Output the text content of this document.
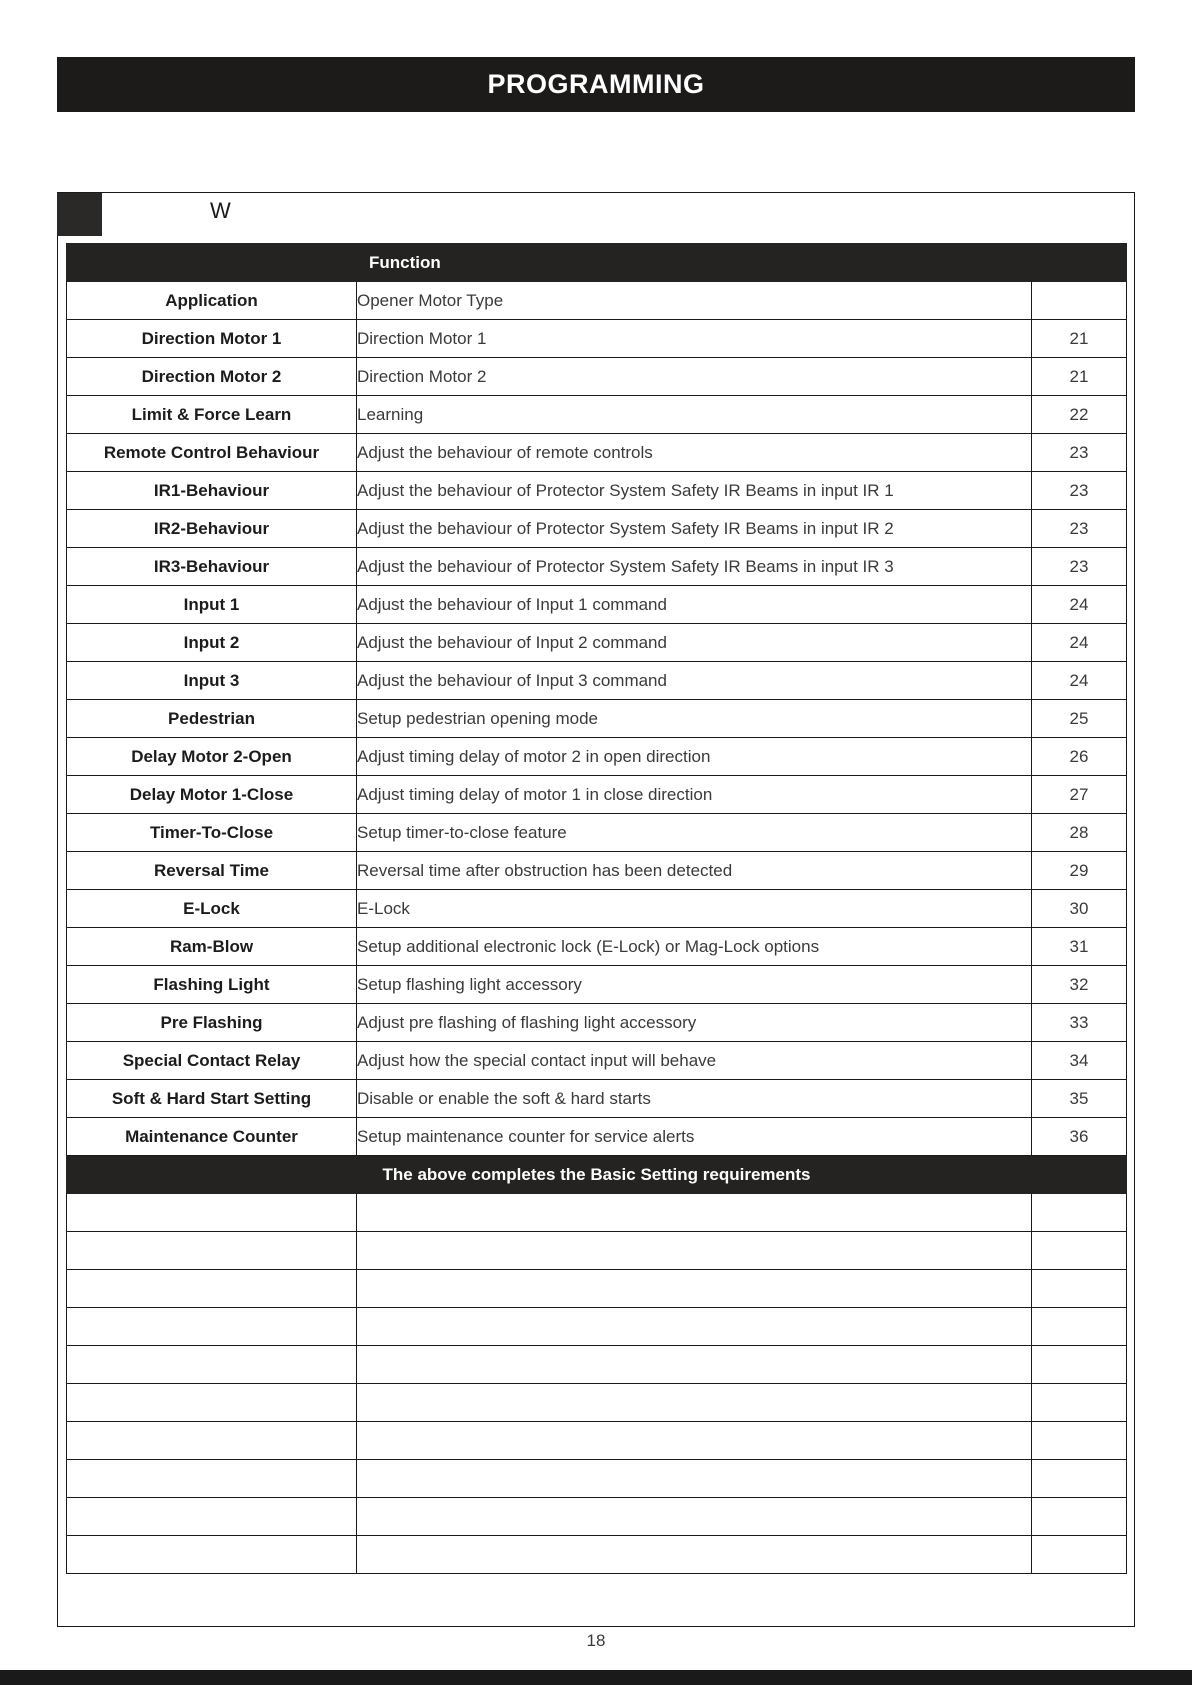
PROGRAMMING
W
	Function	
Application	Opener Motor Type	
Direction Motor 1	Direction Motor 1	21
Direction Motor 2	Direction Motor 2	21
Limit & Force Learn	Learning	22
Remote Control Behaviour	Adjust the behaviour of remote controls	23
IR1-Behaviour	Adjust the behaviour of Protector System Safety IR Beams in input IR 1	23
IR2-Behaviour	Adjust the behaviour of Protector System Safety IR Beams in input IR 2	23
IR3-Behaviour	Adjust the behaviour of Protector System Safety IR Beams in input IR 3	23
Input 1	Adjust the behaviour of Input 1 command	24
Input 2	Adjust the behaviour of Input 2 command	24
Input 3	Adjust the behaviour of Input 3 command	24
Pedestrian	Setup pedestrian opening mode	25
Delay Motor 2-Open	Adjust timing delay of motor 2 in open direction	26
Delay Motor 1-Close	Adjust timing delay of motor 1 in close direction	27
Timer-To-Close	Setup timer-to-close feature	28
Reversal Time	Reversal time after obstruction has been detected	29
E-Lock	E-Lock	30
Ram-Blow	Setup additional electronic lock (E-Lock) or Mag-Lock options	31
Flashing Light	Setup flashing light accessory	32
Pre Flashing	Adjust pre flashing of flashing light accessory	33
Special Contact Relay	Adjust how the special contact input will behave	34
Soft & Hard Start Setting	Disable or enable the soft & hard starts	35
Maintenance Counter	Setup maintenance counter for service alerts	36
The above completes the Basic Setting requirements		

18
